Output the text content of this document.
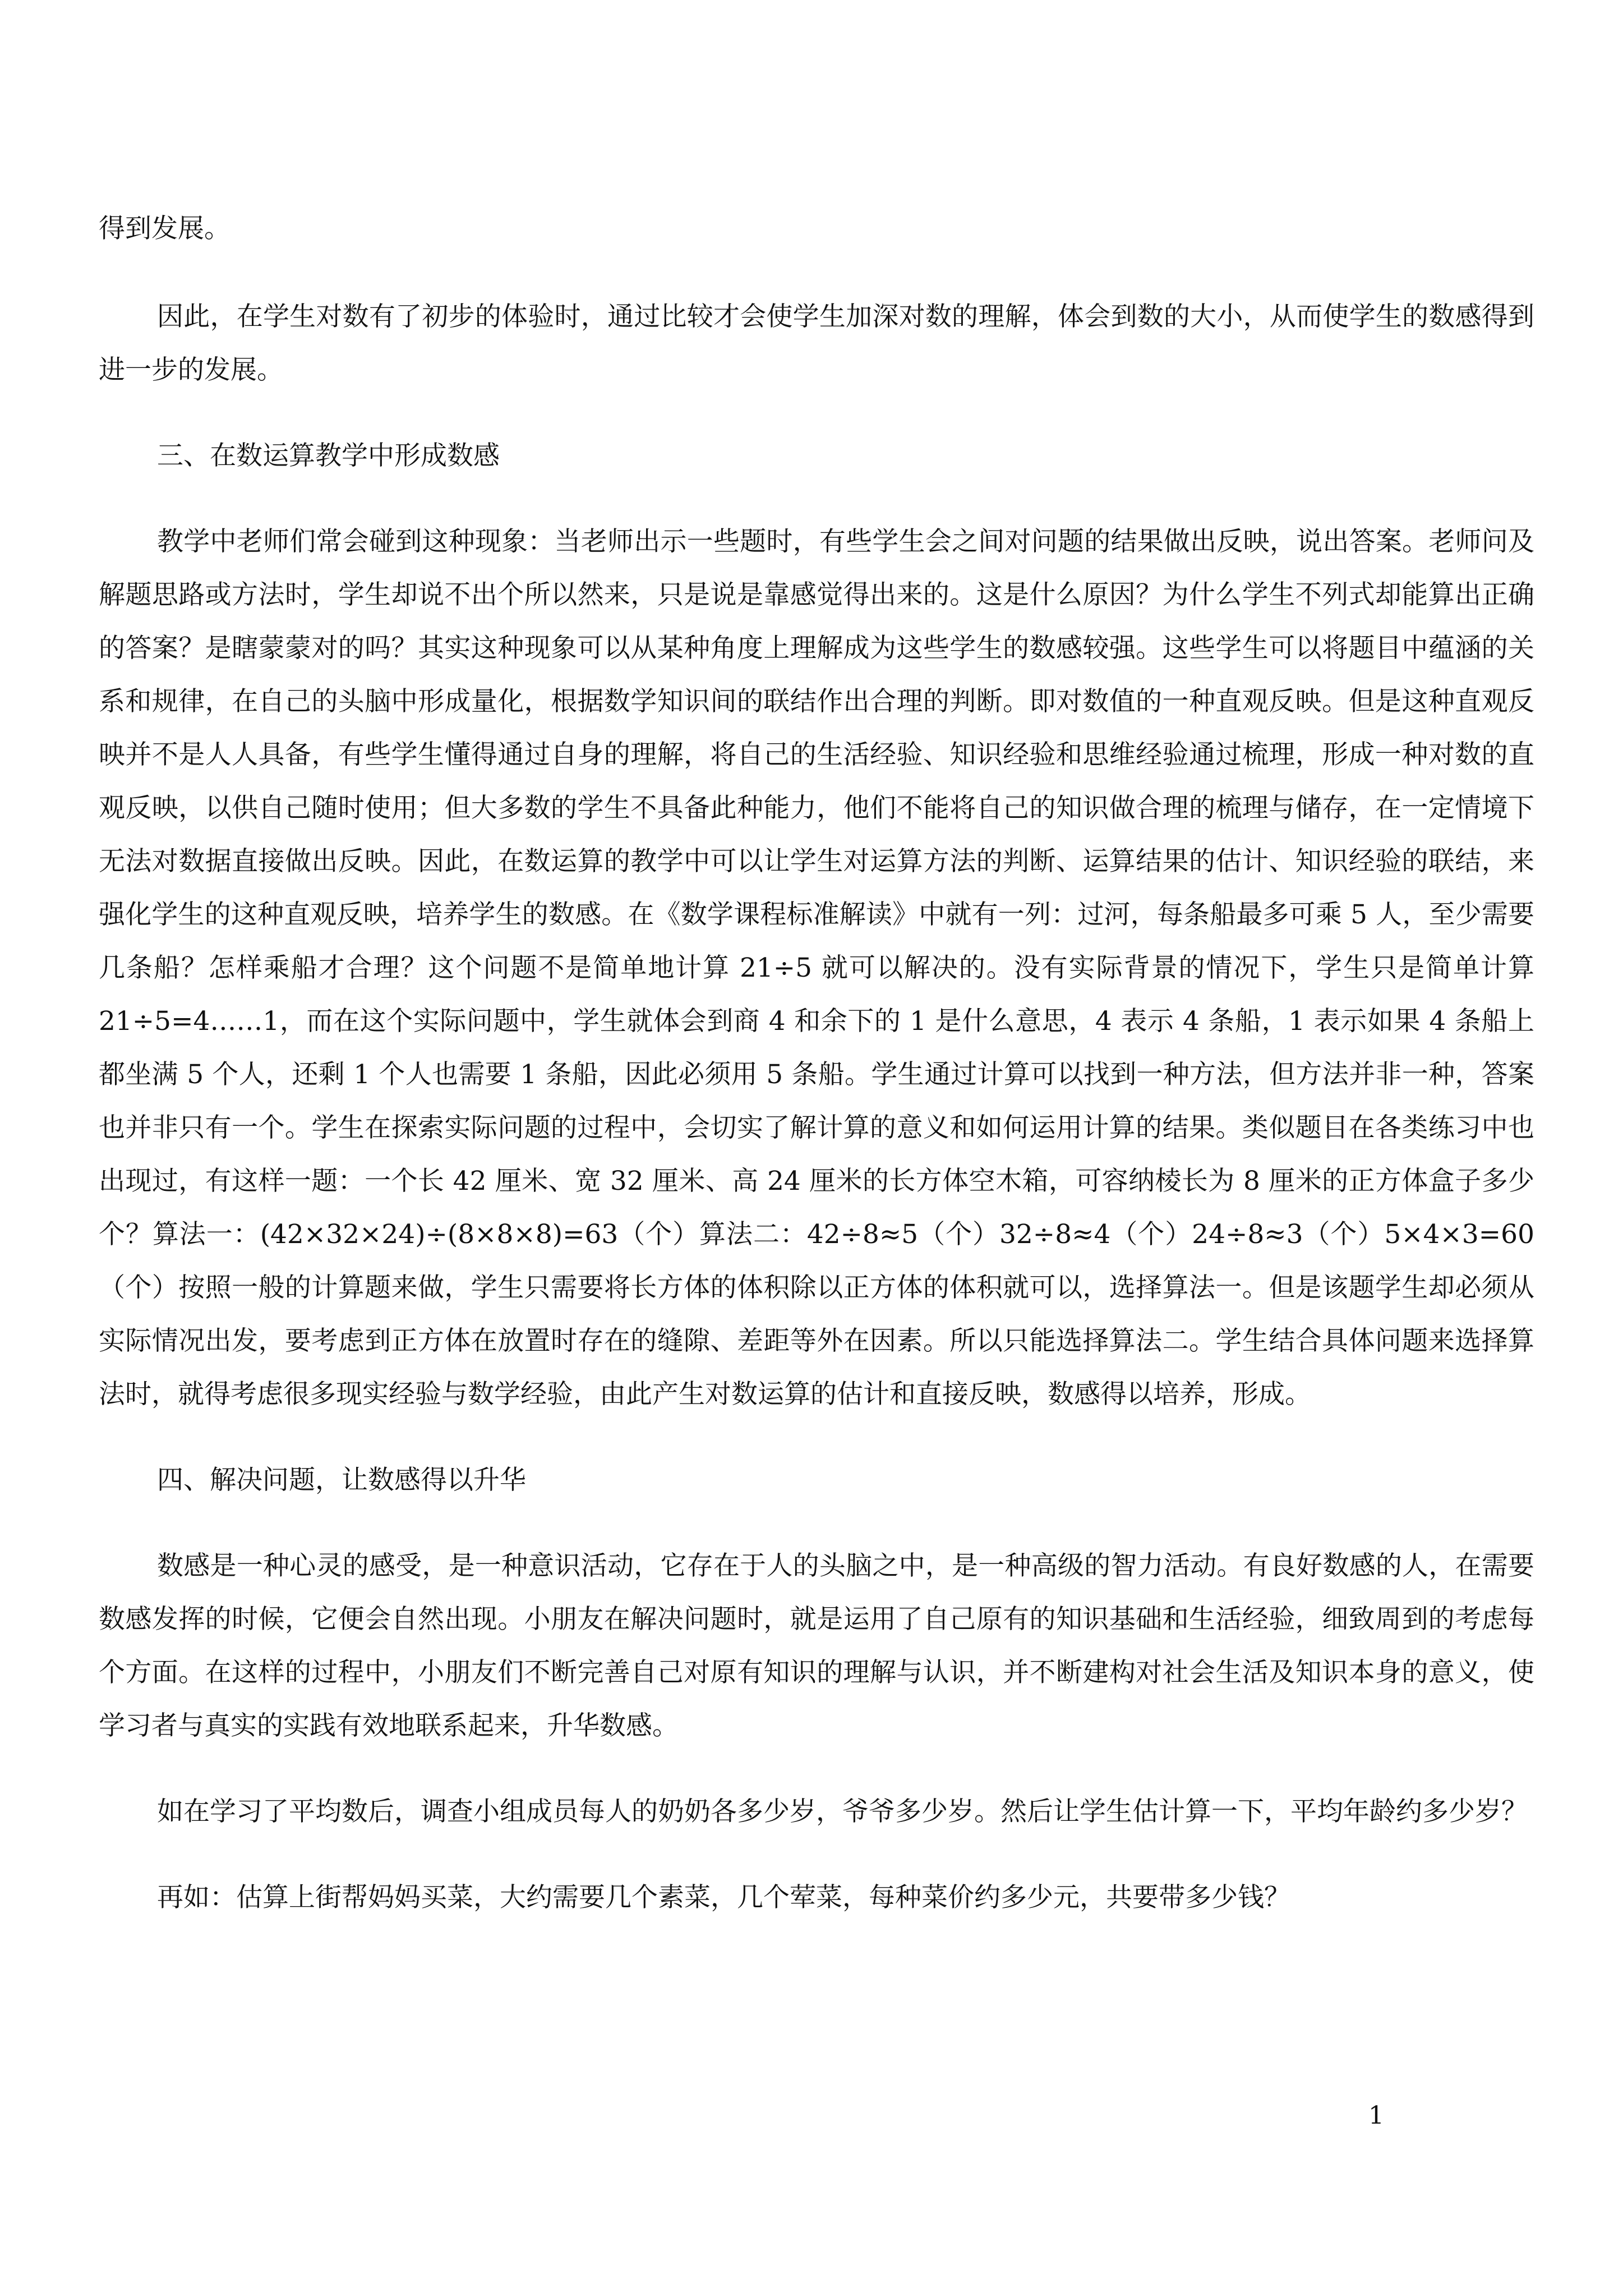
得到发展。

因此，在学生对数有了初步的体验时，通过比较才会使学生加深对数的理解，体会到数的大小，从而使学生的数感得到进一步的发展。

三、在数运算教学中形成数感

教学中老师们常会碰到这种现象：当老师出示一些题时，有些学生会之间对问题的结果做出反映，说出答案。老师问及解题思路或方法时，学生却说不出个所以然来，只是说是靠感觉得出来的。这是什么原因？为什么学生不列式却能算出正确的答案？是瞎蒙蒙对的吗？其实这种现象可以从某种角度上理解成为这些学生的数感较强。这些学生可以将题目中蕴涵的关系和规律，在自己的头脑中形成量化，根据数学知识间的联结作出合理的判断。即对数值的一种直观反映。但是这种直观反映并不是人人具备，有些学生懂得通过自身的理解，将自己的生活经验、知识经验和思维经验通过梳理，形成一种对数的直观反映，以供自己随时使用；但大多数的学生不具备此种能力，他们不能将自己的知识做合理的梳理与储存，在一定情境下无法对数据直接做出反映。因此，在数运算的教学中可以让学生对运算方法的判断、运算结果的估计、知识经验的联结，来强化学生的这种直观反映，培养学生的数感。在《数学课程标准解读》中就有一列：过河，每条船最多可乘 5 人，至少需要几条船？怎样乘船才合理？这个问题不是简单地计算 21÷5 就可以解决的。没有实际背景的情况下，学生只是简单计算 21÷5=4……1，而在这个实际问题中，学生就体会到商 4 和余下的 1 是什么意思，4 表示 4 条船，1 表示如果 4 条船上都坐满 5 个人，还剩 1 个人也需要 1 条船，因此必须用 5 条船。学生通过计算可以找到一种方法，但方法并非一种，答案也并非只有一个。学生在探索实际问题的过程中，会切实了解计算的意义和如何运用计算的结果。类似题目在各类练习中也出现过，有这样一题：一个长 42 厘米、宽 32 厘米、高 24 厘米的长方体空木箱，可容纳棱长为 8 厘米的正方体盒子多少个？算法一：(42×32×24)÷(8×8×8)=63（个）算法二：42÷8≈5（个）32÷8≈4（个）24÷8≈3（个）5×4×3=60（个）按照一般的计算题来做，学生只需要将长方体的体积除以正方体的体积就可以，选择算法一。但是该题学生却必须从实际情况出发，要考虑到正方体在放置时存在的缝隙、差距等外在因素。所以只能选择算法二。学生结合具体问题来选择算法时，就得考虑很多现实经验与数学经验，由此产生对数运算的估计和直接反映，数感得以培养，形成。

四、解决问题，让数感得以升华

数感是一种心灵的感受，是一种意识活动，它存在于人的头脑之中，是一种高级的智力活动。有良好数感的人，在需要数感发挥的时候，它便会自然出现。小朋友在解决问题时，就是运用了自己原有的知识基础和生活经验，细致周到的考虑每个方面。在这样的过程中，小朋友们不断完善自己对原有知识的理解与认识，并不断建构对社会生活及知识本身的意义，使学习者与真实的实践有效地联系起来，升华数感。

如在学习了平均数后，调查小组成员每人的奶奶各多少岁，爷爷多少岁。然后让学生估计算一下，平均年龄约多少岁？

再如：估算上街帮妈妈买菜，大约需要几个素菜，几个荤菜，每种菜价约多少元，共要带多少钱？

1
